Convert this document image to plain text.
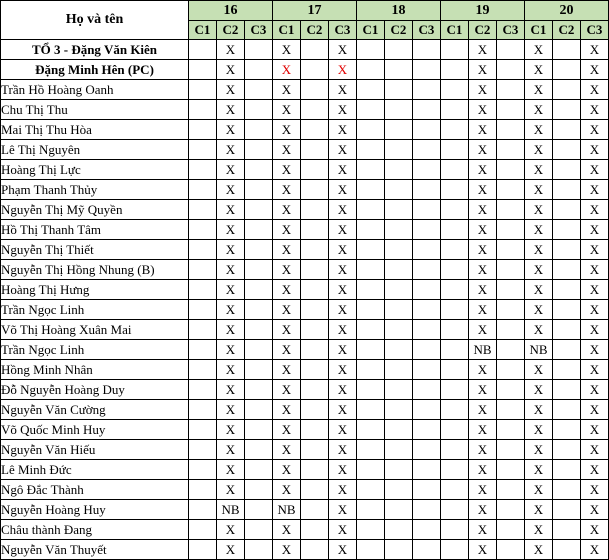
Họ và tên	16			17			18			19			20		
	C1	C2	C3	C1	C2	C3	C1	C2	C3	C1	C2	C3	C1	C2	C3
TỔ 3 - Đặng Văn Kiên		X		X		X					X		X		X
Đặng Minh Hên (PC)		X		X		X					X		X		X
Trần Hồ Hoàng Oanh		X		X		X					X		X		X
Chu Thị Thu		X		X		X					X		X		X
Mai Thị Thu Hòa		X		X		X					X		X		X
Lê Thị Nguyên		X		X		X					X		X		X
Hoàng Thị Lực		X		X		X					X		X		X
Phạm Thanh Thủy		X		X		X					X		X		X
Nguyễn Thị Mỹ Quyền		X		X		X					X		X		X
Hồ Thị Thanh Tâm		X		X		X					X		X		X
Nguyễn Thị Thiết		X		X		X					X		X		X
Nguyễn Thị Hồng Nhung (B)		X		X		X					X		X		X
Hoàng Thị Hưng		X		X		X					X		X		X
Trần Ngọc Linh		X		X		X					X		X		X
Võ Thị Hoàng Xuân Mai		X		X		X					X		X		X
Trần Ngọc Linh		X		X		X					NB		NB		X
Hồng Minh Nhân		X		X		X					X		X		X
Đỗ Nguyễn Hoàng Duy		X		X		X					X		X		X
Nguyễn Văn Cường		X		X		X					X		X		X
Võ Quốc Minh Huy		X		X		X					X		X		X
Nguyễn Văn Hiếu		X		X		X					X		X		X
Lê Minh Đức		X		X		X					X		X		X
Ngô Đắc Thành		X		X		X					X		X		X
Nguyễn Hoàng Huy		NB		NB		X					X		X		X
Châu thành Đang		X		X		X					X		X		X
Nguyễn Văn Thuyết		X		X		X					X		X		X
